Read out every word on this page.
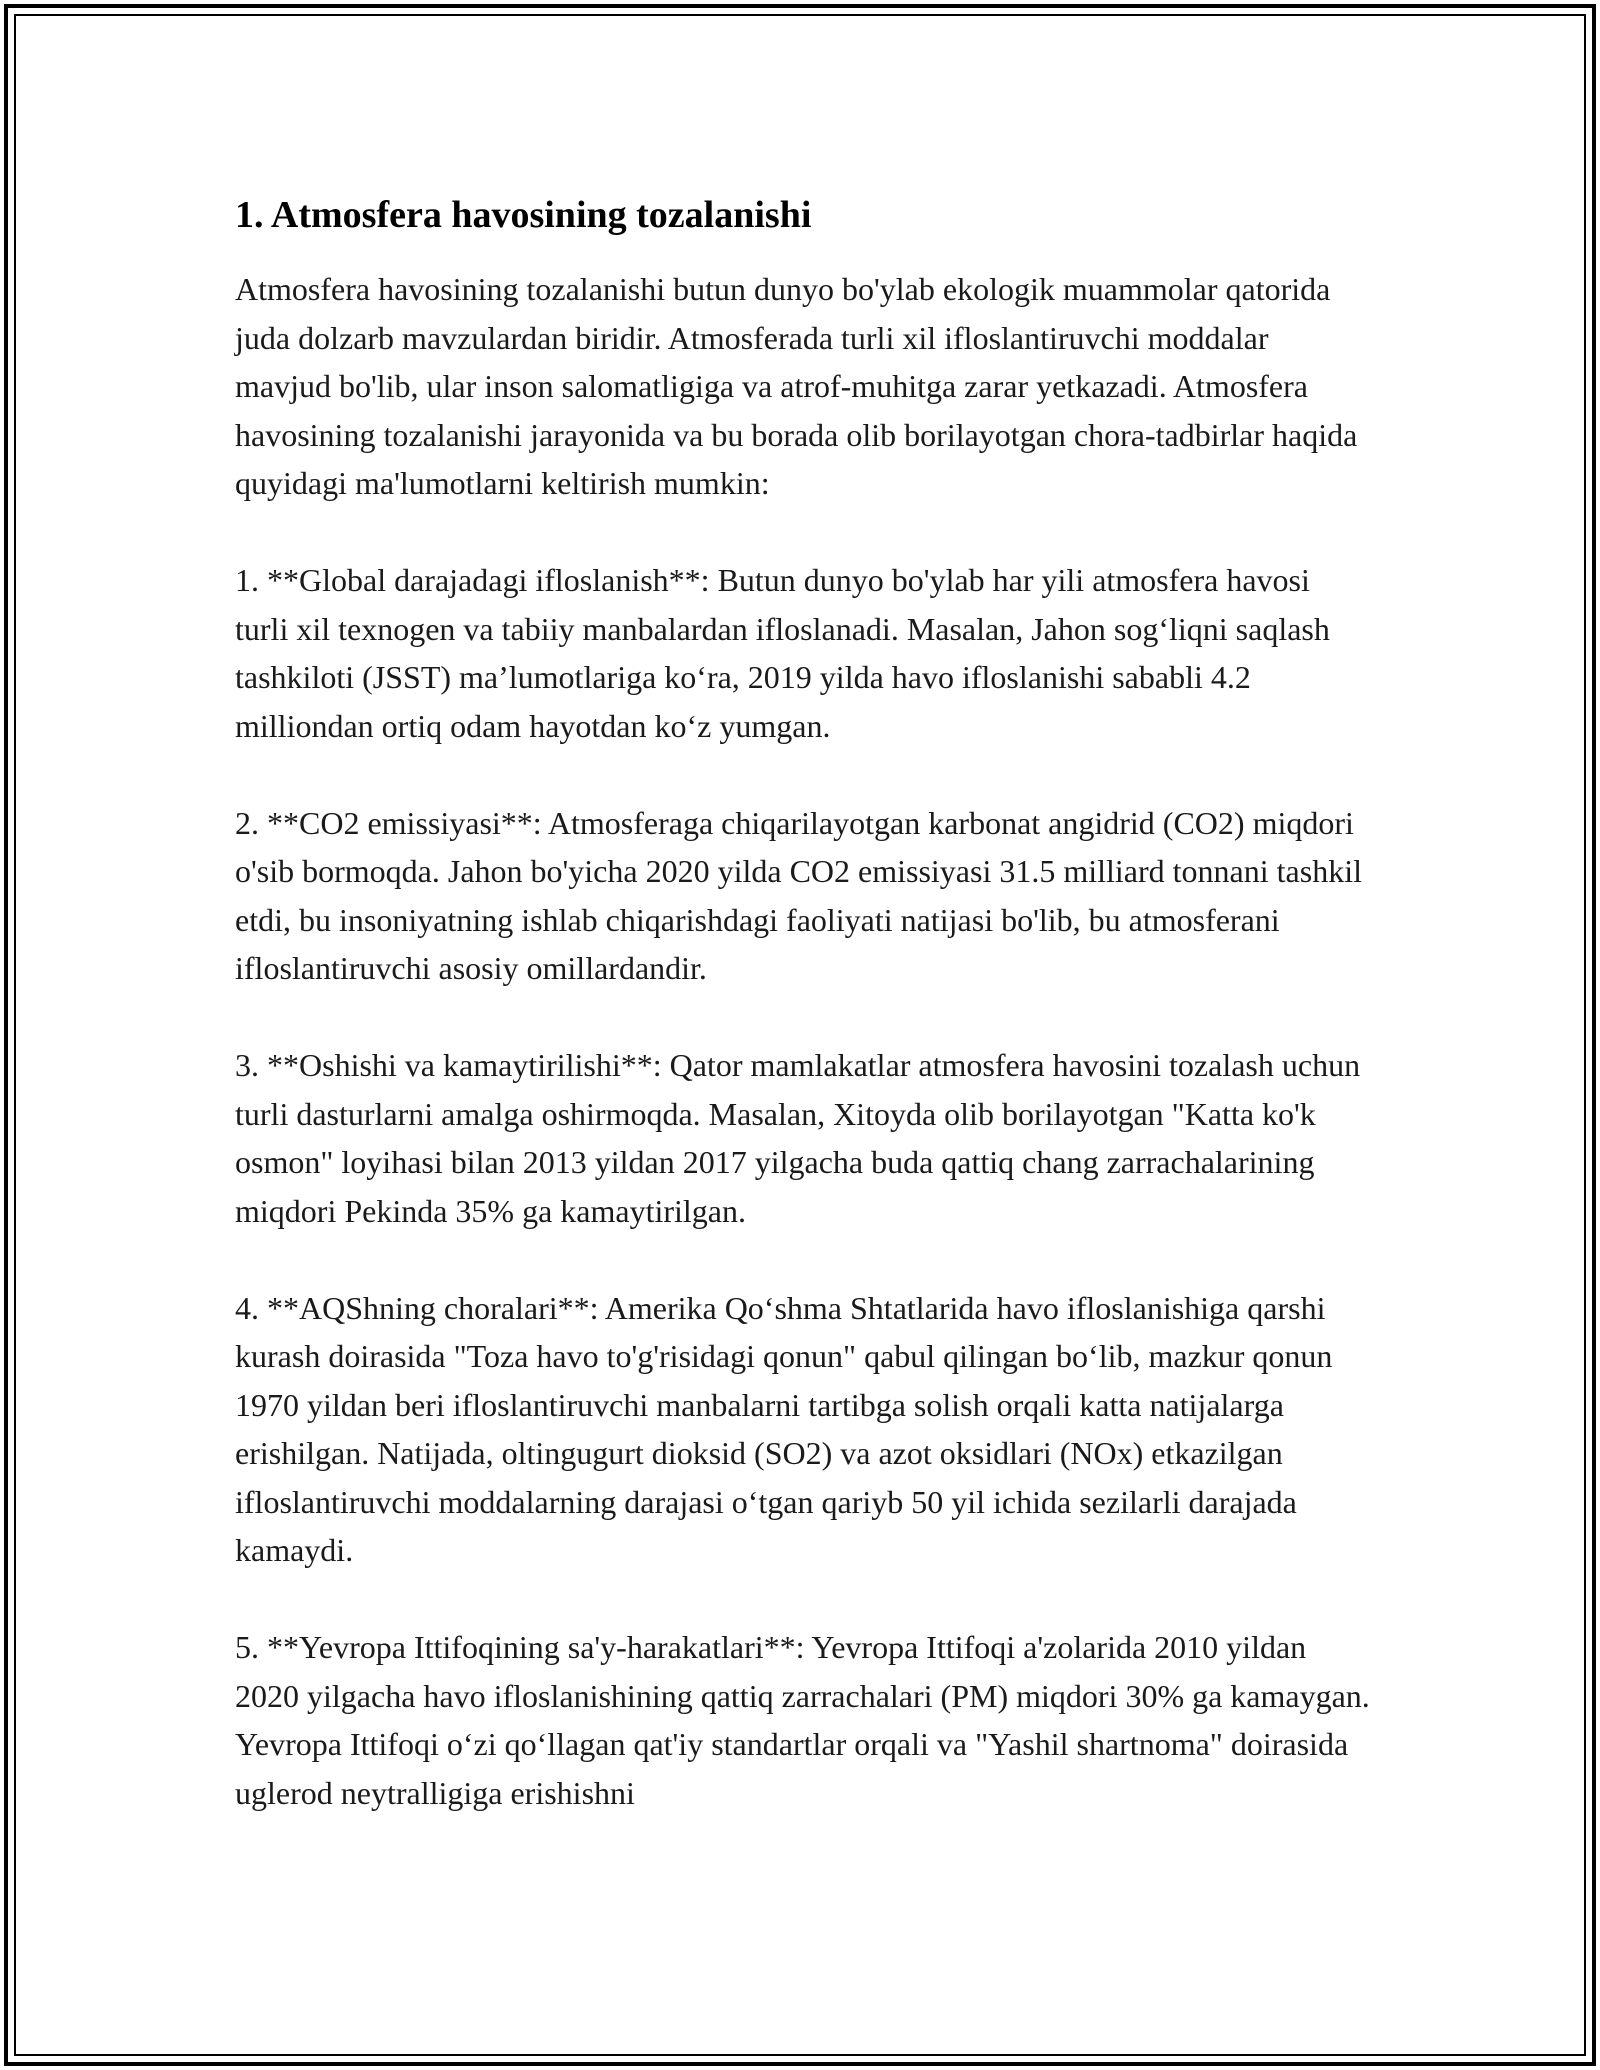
1. Atmosfera havosining tozalanishi

Atmosfera havosining tozalanishi butun dunyo bo'ylab ekologik muammolar qatorida juda dolzarb mavzulardan biridir. Atmosferada turli xil ifloslantiruvchi moddalar mavjud bo'lib, ular inson salomatligiga va atrof-muhitga zarar yetkazadi. Atmosfera havosining tozalanishi jarayonida va bu borada olib borilayotgan chora-tadbirlar haqida quyidagi ma'lumotlarni keltirish mumkin:

1. **Global darajadagi ifloslanish**: Butun dunyo bo'ylab har yili atmosfera havosi turli xil texnogen va tabiiy manbalardan ifloslanadi. Masalan, Jahon sog‘liqni saqlash tashkiloti (JSST) ma’lumotlariga ko‘ra, 2019 yilda havo ifloslanishi sababli 4.2 milliondan ortiq odam hayotdan ko‘z yumgan.

2. **CO2 emissiyasi**: Atmosferaga chiqarilayotgan karbonat angidrid (CO2) miqdori o'sib bormoqda. Jahon bo'yicha 2020 yilda CO2 emissiyasi 31.5 milliard tonnani tashkil etdi, bu insoniyatning ishlab chiqarishdagi faoliyati natijasi bo'lib, bu atmosferani ifloslantiruvchi asosiy omillardandir.

3. **Oshishi va kamaytirilishi**: Qator mamlakatlar atmosfera havosini tozalash uchun turli dasturlarni amalga oshirmoqda. Masalan, Xitoyda olib borilayotgan "Katta ko'k osmon" loyihasi bilan 2013 yildan 2017 yilgacha buda qattiq chang zarrachalarining miqdori Pekinda 35% ga kamaytirilgan.

4. **AQShning choralari**: Amerika Qo‘shma Shtatlarida havo ifloslanishiga qarshi kurash doirasida "Toza havo to'g'risidagi qonun" qabul qilingan bo‘lib, mazkur qonun 1970 yildan beri ifloslantiruvchi manbalarni tartibga solish orqali katta natijalarga erishilgan. Natijada, oltingugurt dioksid (SO2) va azot oksidlari (NOx) etkazilgan ifloslantiruvchi moddalarning darajasi o‘tgan qariyb 50 yil ichida sezilarli darajada kamaydi.

5. **Yevropa Ittifoqining sa'y-harakatlari**: Yevropa Ittifoqi a'zolarida 2010 yildan 2020 yilgacha havo ifloslanishining qattiq zarrachalari (PM) miqdori 30% ga kamaygan. Yevropa Ittifoqi o‘zi qo‘llagan qat'iy standartlar orqali va "Yashil shartnoma" doirasida uglerod neytralligiga erishishni
